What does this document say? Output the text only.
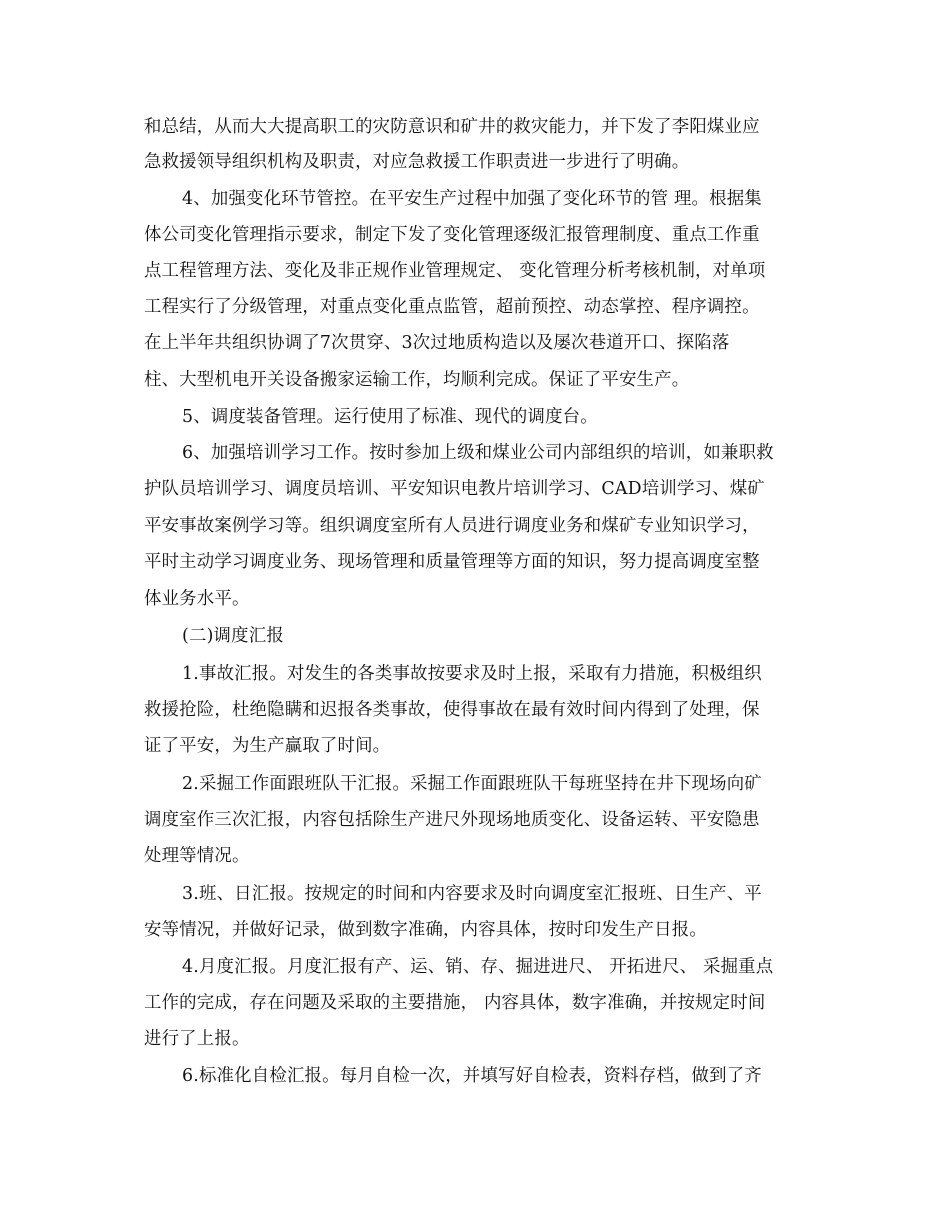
和总结，从而大大提高职工的灾防意识和矿井的救灾能力，并下发了李阳煤业应
急救援领导组织机构及职责，对应急救援工作职责进一步进行了明确。
4、加强变化环节管控。在平安生产过程中加强了变化环节的管 理。根据集
体公司变化管理指示要求，制定下发了变化管理逐级汇报管理制度、重点工作重
点工程管理方法、变化及非正规作业管理规定、 变化管理分析考核机制，对单项
工程实行了分级管理，对重点变化重点监管，超前预控、动态掌控、程序调控。
在上半年共组织协调了7次贯穿、3次过地质构造以及屡次巷道开口、探陷落
柱、大型机电开关设备搬家运输工作，均顺利完成。保证了平安生产。
5、调度装备管理。运行使用了标准、现代的调度台。
6、加强培训学习工作。按时参加上级和煤业公司内部组织的培训，如兼职救
护队员培训学习、调度员培训、平安知识电教片培训学习、CAD培训学习、煤矿
平安事故案例学习等。组织调度室所有人员进行调度业务和煤矿专业知识学习，
平时主动学习调度业务、现场管理和质量管理等方面的知识，努力提高调度室整
体业务水平。
(二)调度汇报
1.事故汇报。对发生的各类事故按要求及时上报，采取有力措施，积极组织
救援抢险，杜绝隐瞒和迟报各类事故，使得事故在最有效时间内得到了处理，保
证了平安，为生产赢取了时间。
2.采掘工作面跟班队干汇报。采掘工作面跟班队干每班坚持在井下现场向矿
调度室作三次汇报，内容包括除生产进尺外现场地质变化、设备运转、平安隐患
处理等情况。
3.班、日汇报。按规定的时间和内容要求及时向调度室汇报班、日生产、平
安等情况，并做好记录，做到数字准确，内容具体，按时印发生产日报。
4.月度汇报。月度汇报有产、运、销、存、掘进进尺、 开拓进尺、 采掘重点
工作的完成，存在问题及采取的主要措施， 内容具体，数字准确，并按规定时间
进行了上报。
6.标准化自检汇报。每月自检一次，并填写好自检表，资料存档，做到了齐
